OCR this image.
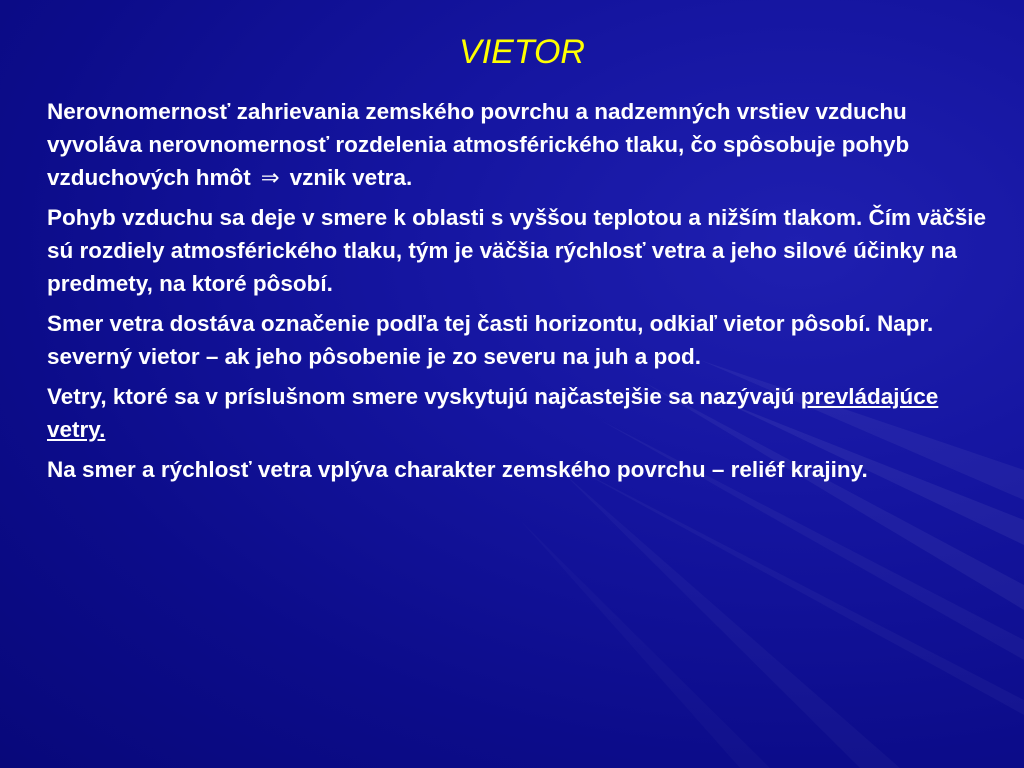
VIETOR

Nerovnomernosť zahrievania zemského povrchu a nadzemných vrstiev vzduchu vyvoláva nerovnomernosť rozdelenia atmosférického tlaku, čo spôsobuje pohyb vzduchových hmôt ⇒ vznik vetra.

Pohyb vzduchu sa deje v smere k oblasti s vyššou teplotou a nižším tlakom. Čím väčšie sú rozdiely atmosférického tlaku, tým je väčšia rýchlosť vetra a jeho silové účinky na predmety, na ktoré pôsobí.

Smer vetra dostáva označenie podľa tej časti horizontu, odkiaľ vietor pôsobí. Napr. severný vietor – ak jeho pôsobenie je zo severu na juh a pod.

Vetry, ktoré sa v príslušnom smere vyskytujú najčastejšie sa nazývajú prevládajúce vetry.

Na smer a rýchlosť vetra vplýva charakter zemského povrchu – reliéf krajiny.
